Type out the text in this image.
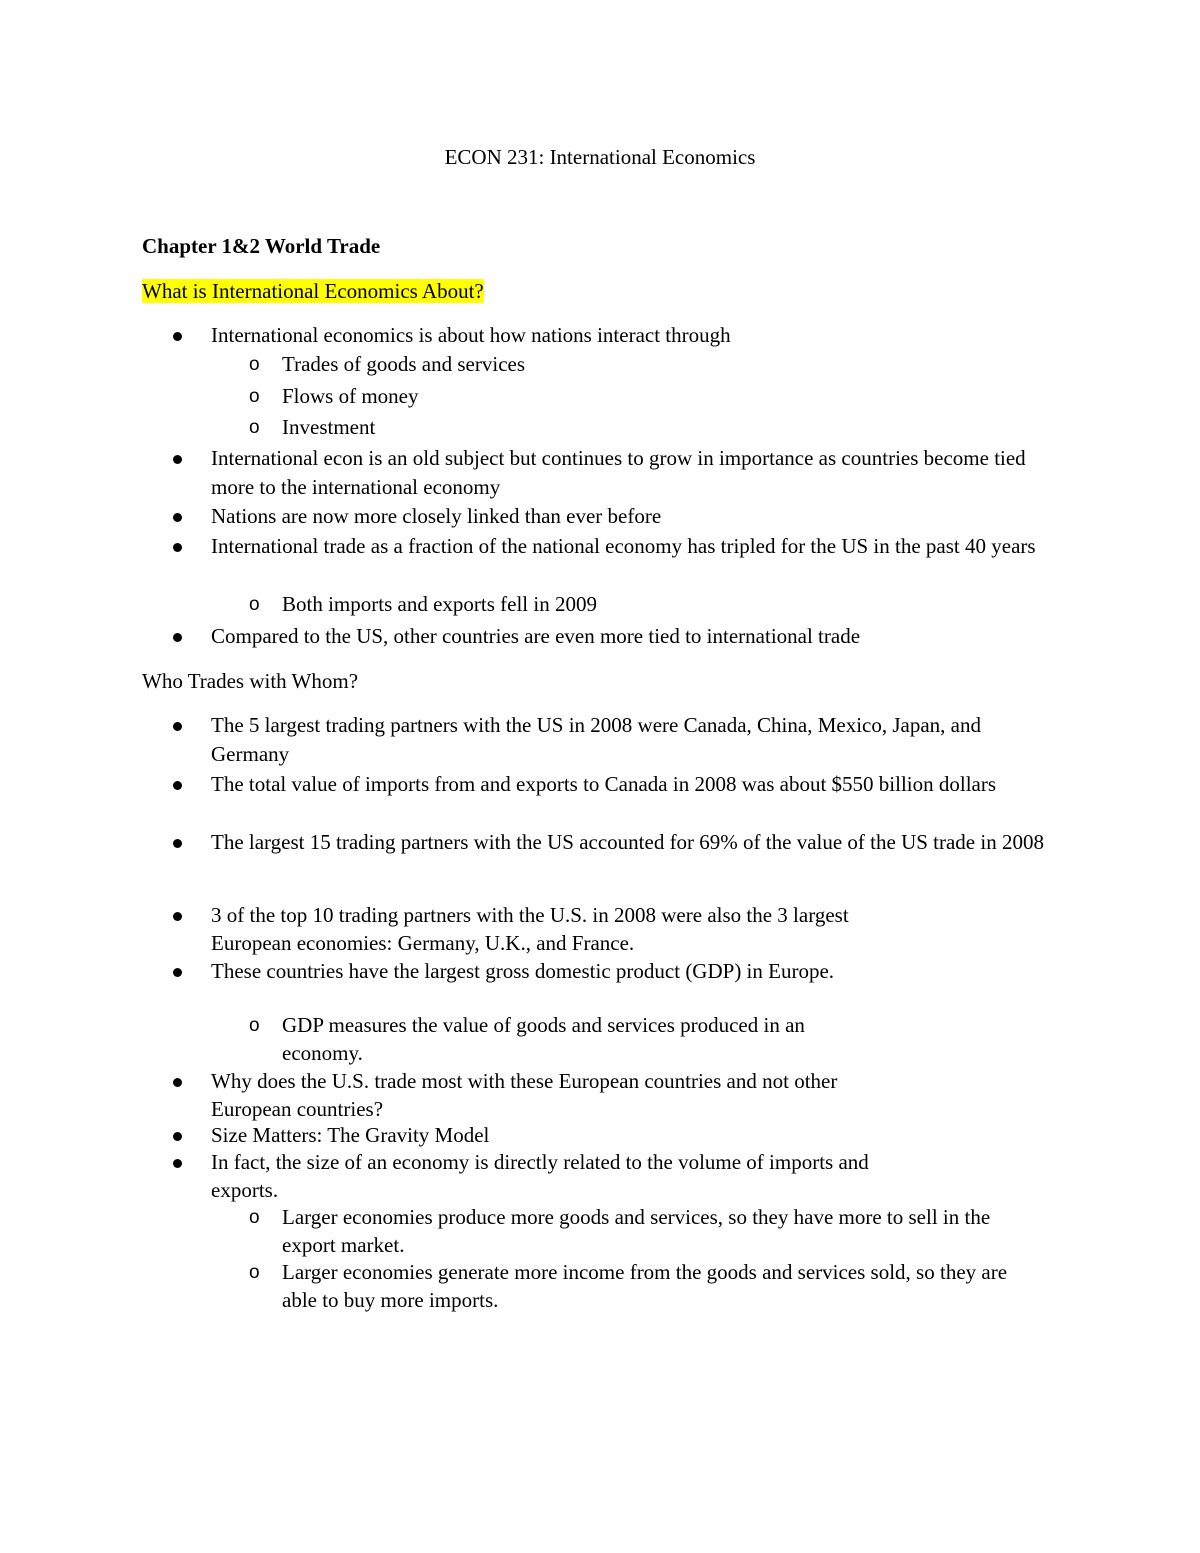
ECON 231: International Economics
Chapter 1&2 World Trade
What is International Economics About?
International economics is about how nations interact through
o Trades of goods and services
o Flows of money
o Investment
International econ is an old subject but continues to grow in importance as countries become tied more to the international economy
Nations are now more closely linked than ever before
International trade as a fraction of the national economy has tripled for the US in the past 40 years
o Both imports and exports fell in 2009
Compared to the US, other countries are even more tied to international trade
Who Trades with Whom?
The 5 largest trading partners with the US in 2008 were Canada, China, Mexico, Japan, and Germany
The total value of imports from and exports to Canada in 2008 was about $550 billion dollars
The largest 15 trading partners with the US accounted for 69% of the value of the US trade in 2008
3 of the top 10 trading partners with the U.S. in 2008 were also the 3 largest European economies: Germany, U.K., and France.
These countries have the largest gross domestic product (GDP) in Europe.
o GDP measures the value of goods and services produced in an economy.
Why does the U.S. trade most with these European countries and not other European countries?
Size Matters: The Gravity Model
In fact, the size of an economy is directly related to the volume of imports and exports.
o Larger economies produce more goods and services, so they have more to sell in the export market.
o Larger economies generate more income from the goods and services sold, so they are able to buy more imports.
